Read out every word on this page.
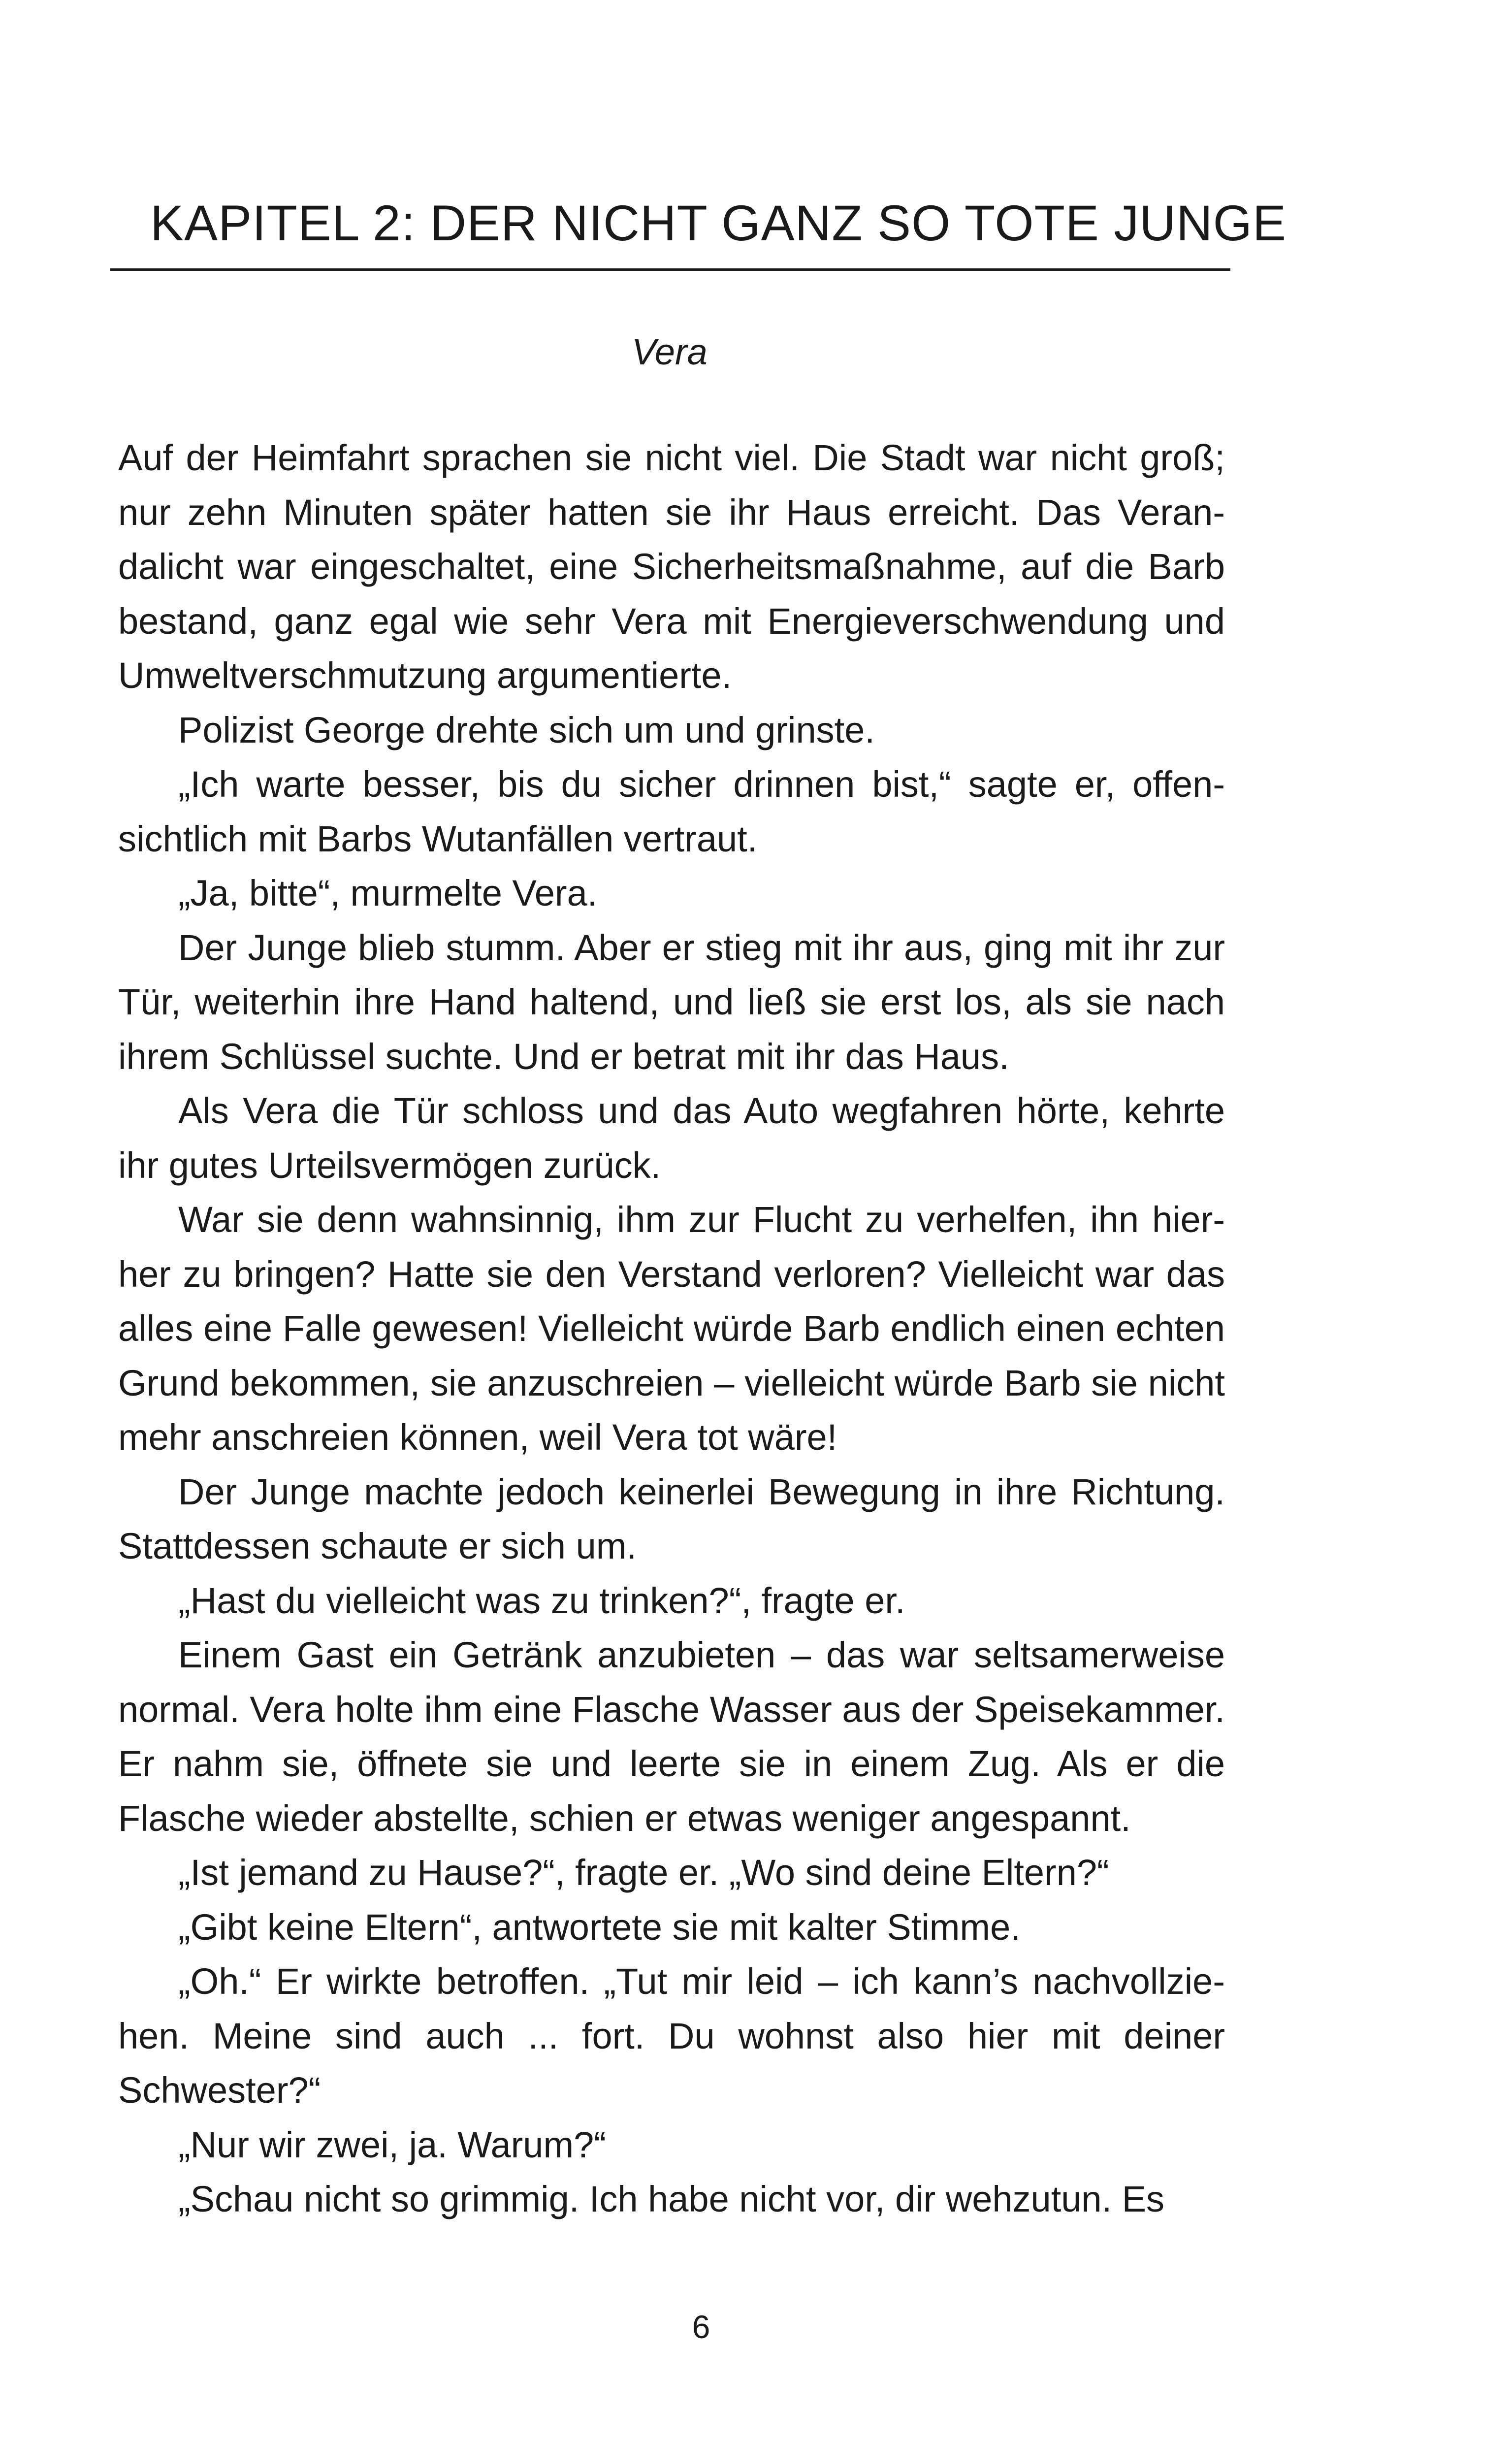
KAPITEL 2: DER NICHT GANZ SO TOTE JUNGE
Vera

Auf der Heimfahrt sprachen sie nicht viel. Die Stadt war nicht groß; nur zehn Minuten später hatten sie ihr Haus erreicht. Das Verandalicht war eingeschaltet, eine Sicherheitsmaßnahme, auf die Barb bestand, ganz egal wie sehr Vera mit Energieverschwendung und Umweltverschmutzung argumentierte.

Polizist George drehte sich um und grinste.

„Ich warte besser, bis du sicher drinnen bist,“ sagte er, offensichtlich mit Barbs Wutanfällen vertraut.

„Ja, bitte“, murmelte Vera.

Der Junge blieb stumm. Aber er stieg mit ihr aus, ging mit ihr zur Tür, weiterhin ihre Hand haltend, und ließ sie erst los, als sie nach ihrem Schlüssel suchte. Und er betrat mit ihr das Haus.

Als Vera die Tür schloss und das Auto wegfahren hörte, kehrte ihr gutes Urteilsvermögen zurück.

War sie denn wahnsinnig, ihm zur Flucht zu verhelfen, ihn hierher zu bringen? Hatte sie den Verstand verloren? Vielleicht war das alles eine Falle gewesen! Vielleicht würde Barb endlich einen echten Grund bekommen, sie anzuschreien – vielleicht würde Barb sie nicht mehr anschreien können, weil Vera tot wäre!

Der Junge machte jedoch keinerlei Bewegung in ihre Richtung. Stattdessen schaute er sich um.

„Hast du vielleicht was zu trinken?“, fragte er.

Einem Gast ein Getränk anzubieten – das war seltsamerweise normal. Vera holte ihm eine Flasche Wasser aus der Speisekammer. Er nahm sie, öffnete sie und leerte sie in einem Zug. Als er die Flasche wieder abstellte, schien er etwas weniger angespannt.

„Ist jemand zu Hause?“, fragte er. „Wo sind deine Eltern?“

„Gibt keine Eltern“, antwortete sie mit kalter Stimme.

„Oh.“ Er wirkte betroffen. „Tut mir leid – ich kann’s nachvollziehen. Meine sind auch ... fort. Du wohnst also hier mit deiner Schwester?“

„Nur wir zwei, ja. Warum?“

„Schau nicht so grimmig. Ich habe nicht vor, dir wehzutun. Es

6
